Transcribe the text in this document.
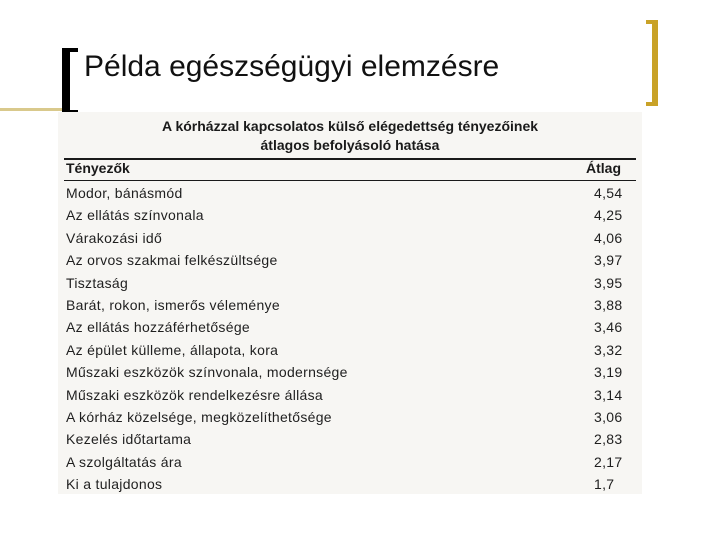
Példa egészségügyi elemzésre
A kórházzal kapcsolatos külső elégedettség tényezőinek
átlagos befolyásoló hatása
Tényezők	Átlag
Modor, bánásmód	4,54
Az ellátás színvonala	4,25
Várakozási idő	4,06
Az orvos szakmai felkészültsége	3,97
Tisztaság	3,95
Barát, rokon, ismerős véleménye	3,88
Az ellátás hozzáférhetősége	3,46
Az épület külleme, állapota, kora	3,32
Műszaki eszközök színvonala, modernsége	3,19
Műszaki eszközök rendelkezésre állása	3,14
A kórház közelsége, megközelíthetősége	3,06
Kezelés időtartama	2,83
A szolgáltatás ára	2,17
Ki a tulajdonos	1,7
